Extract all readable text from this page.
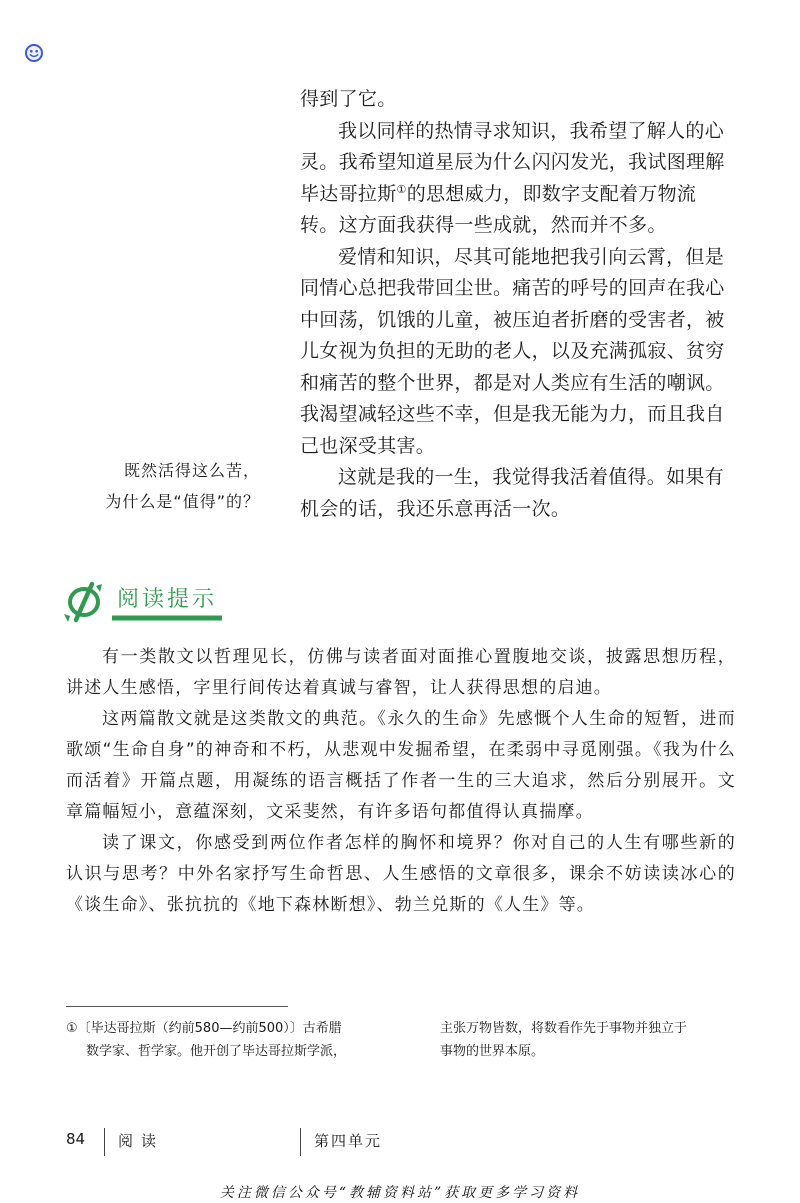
得到了它。

我以同样的热情寻求知识，我希望了解人的心灵。我希望知道星辰为什么闪闪发光，我试图理解毕达哥拉斯①的思想威力，即数字支配着万物流转。这方面我获得一些成就，然而并不多。

爱情和知识，尽其可能地把我引向云霄，但是同情心总把我带回尘世。痛苦的呼号的回声在我心中回荡，饥饿的儿童，被压迫者折磨的受害者，被儿女视为负担的无助的老人，以及充满孤寂、贫穷和痛苦的整个世界，都是对人类应有生活的嘲讽。我渴望减轻这些不幸，但是我无能为力，而且我自己也深受其害。

这就是我的一生，我觉得我活着值得。如果有机会的话，我还乐意再活一次。

既然活得这么苦，
为什么是“值得”的？
阅读提示

有一类散文以哲理见长，仿佛与读者面对面推心置腹地交谈，披露思想历程，讲述人生感悟，字里行间传达着真诚与睿智，让人获得思想的启迪。

这两篇散文就是这类散文的典范。《永久的生命》先感慨个人生命的短暂，进而歌颂“生命自身”的神奇和不朽，从悲观中发掘希望，在柔弱中寻觅刚强。《我为什么而活着》开篇点题，用凝练的语言概括了作者一生的三大追求，然后分别展开。文章篇幅短小，意蕴深刻，文采斐然，有许多语句都值得认真揣摩。

读了课文，你感受到两位作者怎样的胸怀和境界？你对自己的人生有哪些新的认识与思考？中外名家抒写生命哲思、人生感悟的文章很多，课余不妨读读冰心的《谈生命》、张抗抗的《地下森林断想》、勃兰兑斯的《人生》等。

①〔毕达哥拉斯（约前580—约前500）〕古希腊
数学家、哲学家。他开创了毕达哥拉斯学派，
主张万物皆数，将数看作先于事物并独立于
事物的世界本原。
84 阅读	第四单元
关注微信公众号“教辅资料站”获取更多学习资料
